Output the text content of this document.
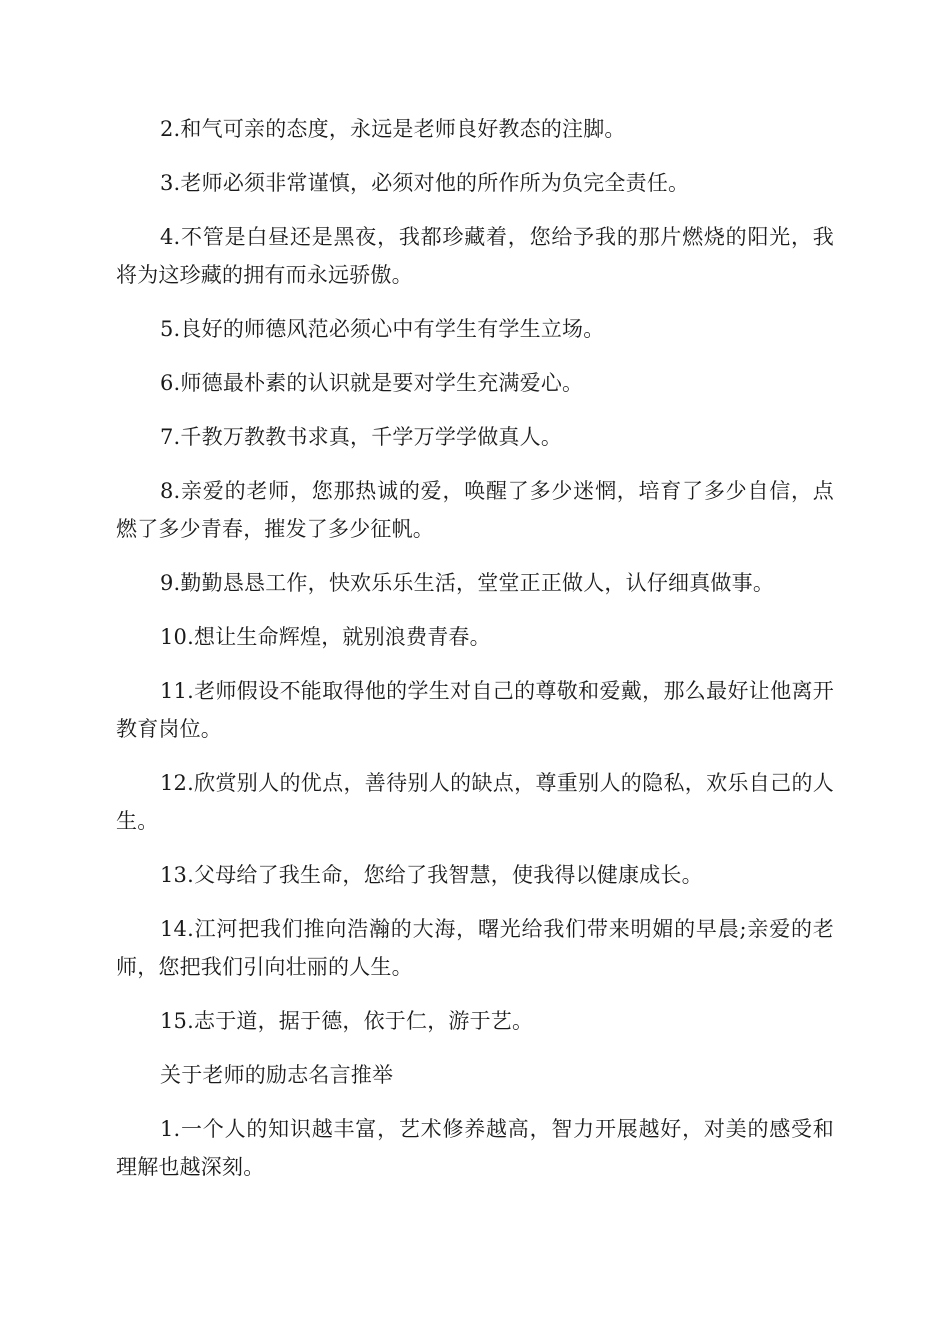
2.和气可亲的态度，永远是老师良好教态的注脚。

3.老师必须非常谨慎，必须对他的所作所为负完全责任。

4.不管是白昼还是黑夜，我都珍藏着，您给予我的那片燃烧的阳光，我将为这珍藏的拥有而永远骄傲。

5.良好的师德风范必须心中有学生有学生立场。

6.师德最朴素的认识就是要对学生充满爱心。

7.千教万教教书求真，千学万学学做真人。

8.亲爱的老师，您那热诚的爱，唤醒了多少迷惘，培育了多少自信，点燃了多少青春，摧发了多少征帆。

9.勤勤恳恳工作，快欢乐乐生活，堂堂正正做人，认仔细真做事。

10.想让生命辉煌，就别浪费青春。

11.老师假设不能取得他的学生对自己的尊敬和爱戴，那么最好让他离开教育岗位。

12.欣赏别人的优点，善待别人的缺点，尊重别人的隐私，欢乐自己的人生。

13.父母给了我生命，您给了我智慧，使我得以健康成长。

14.江河把我们推向浩瀚的大海，曙光给我们带来明媚的早晨;亲爱的老师，您把我们引向壮丽的人生。

15.志于道，据于德，依于仁，游于艺。

关于老师的励志名言推举

1.一个人的知识越丰富，艺术修养越高，智力开展越好，对美的感受和理解也越深刻。
